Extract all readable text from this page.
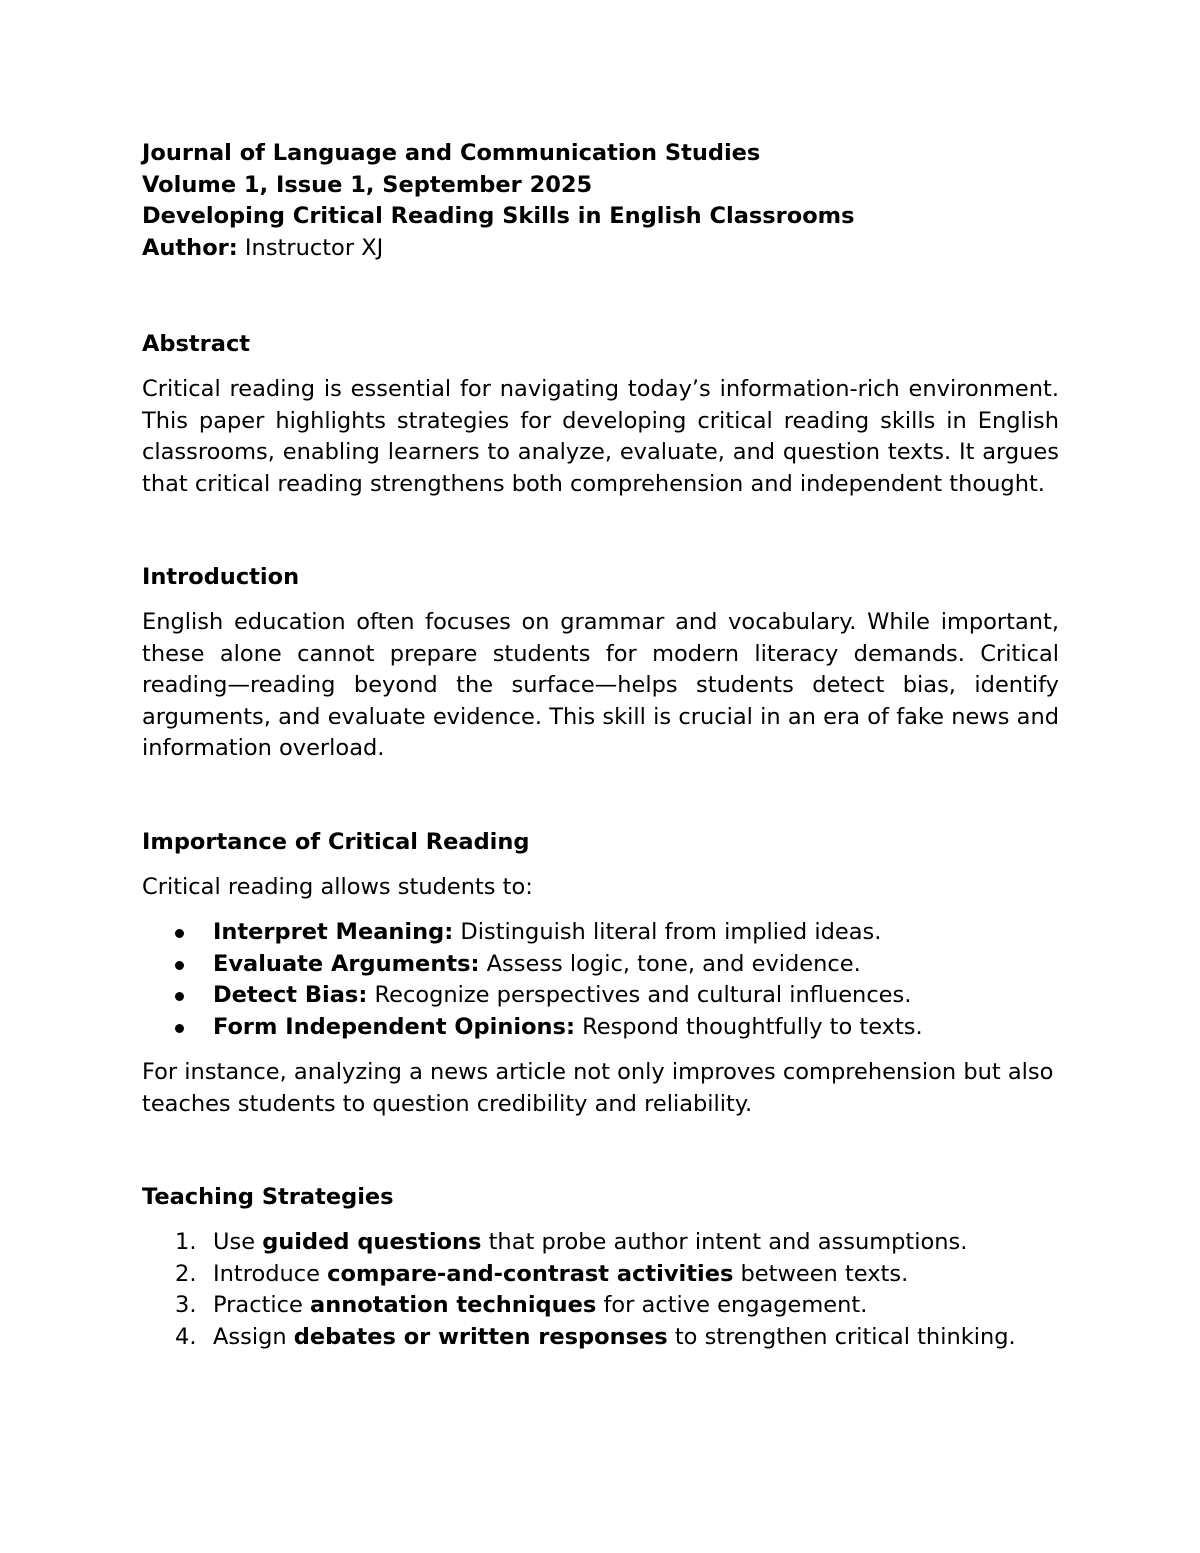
Journal of Language and Communication Studies
Volume 1, Issue 1, September 2025
Developing Critical Reading Skills in English Classrooms
Author: Instructor XJ
Abstract

Critical reading is essential for navigating today’s information-rich environment. This paper highlights strategies for developing critical reading skills in English classrooms, enabling learners to analyze, evaluate, and question texts. It argues that critical reading strengthens both comprehension and independent thought.

Introduction

English education often focuses on grammar and vocabulary. While important, these alone cannot prepare students for modern literacy demands. Critical reading—reading beyond the surface—helps students detect bias, identify arguments, and evaluate evidence. This skill is crucial in an era of fake news and information overload.

Importance of Critical Reading

Critical reading allows students to:

Interpret Meaning: Distinguish literal from implied ideas.
Evaluate Arguments: Assess logic, tone, and evidence.
Detect Bias: Recognize perspectives and cultural influences.
Form Independent Opinions: Respond thoughtfully to texts.

For instance, analyzing a news article not only improves comprehension but also teaches students to question credibility and reliability.

Teaching Strategies
1. Use guided questions that probe author intent and assumptions.
2. Introduce compare-and-contrast activities between texts.
3. Practice annotation techniques for active engagement.
4. Assign debates or written responses to strengthen critical thinking.
